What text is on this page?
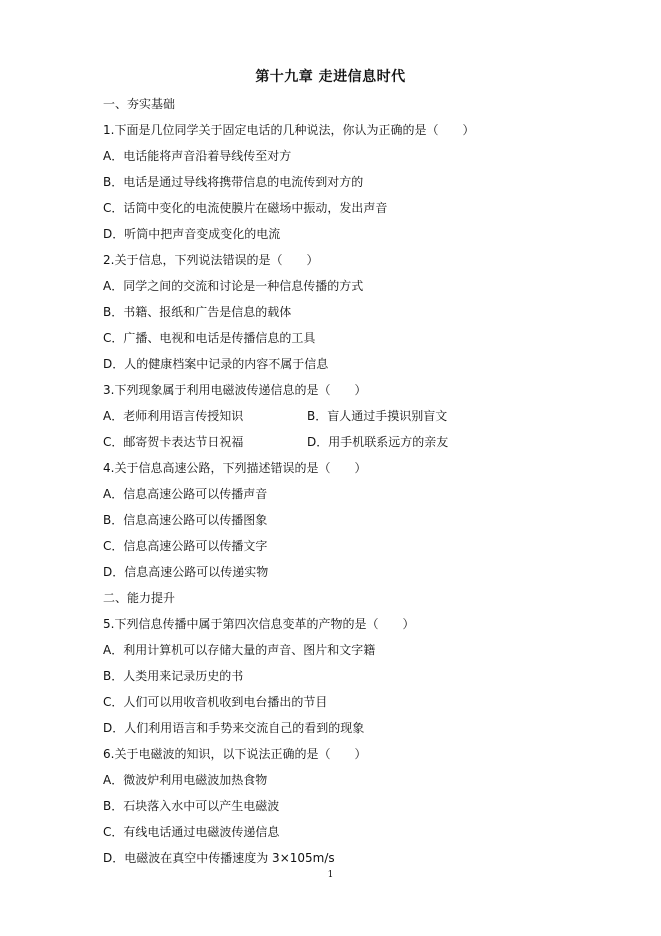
第十九章 走进信息时代
一、夯实基础
1.下面是几位同学关于固定电话的几种说法，你认为正确的是（　　）
A．电话能将声音沿着导线传至对方
B．电话是通过导线将携带信息的电流传到对方的
C．话筒中变化的电流使膜片在磁场中振动，发出声音
D．听筒中把声音变成变化的电流
2.关于信息，下列说法错误的是（　　）
A．同学之间的交流和讨论是一种信息传播的方式
B．书籍、报纸和广告是信息的载体
C．广播、电视和电话是传播信息的工具
D．人的健康档案中记录的内容不属于信息
3.下列现象属于利用电磁波传递信息的是（　　）
A．老师利用语言传授知识	B．盲人通过手摸识别盲文
C．邮寄贺卡表达节日祝福	D．用手机联系远方的亲友
4.关于信息高速公路，下列描述错误的是（　　）
A．信息高速公路可以传播声音
B．信息高速公路可以传播图象
C．信息高速公路可以传播文字
D．信息高速公路可以传递实物
二、能力提升
5.下列信息传播中属于第四次信息变革的产物的是（　　）
A．利用计算机可以存储大量的声音、图片和文字籍
B．人类用来记录历史的书
C．人们可以用收音机收到电台播出的节目
D．人们利用语言和手势来交流自己的看到的现象
6.关于电磁波的知识，以下说法正确的是（　　）
A．微波炉利用电磁波加热食物
B．石块落入水中可以产生电磁波
C．有线电话通过电磁波传递信息
D．电磁波在真空中传播速度为 3×105m/s
1
